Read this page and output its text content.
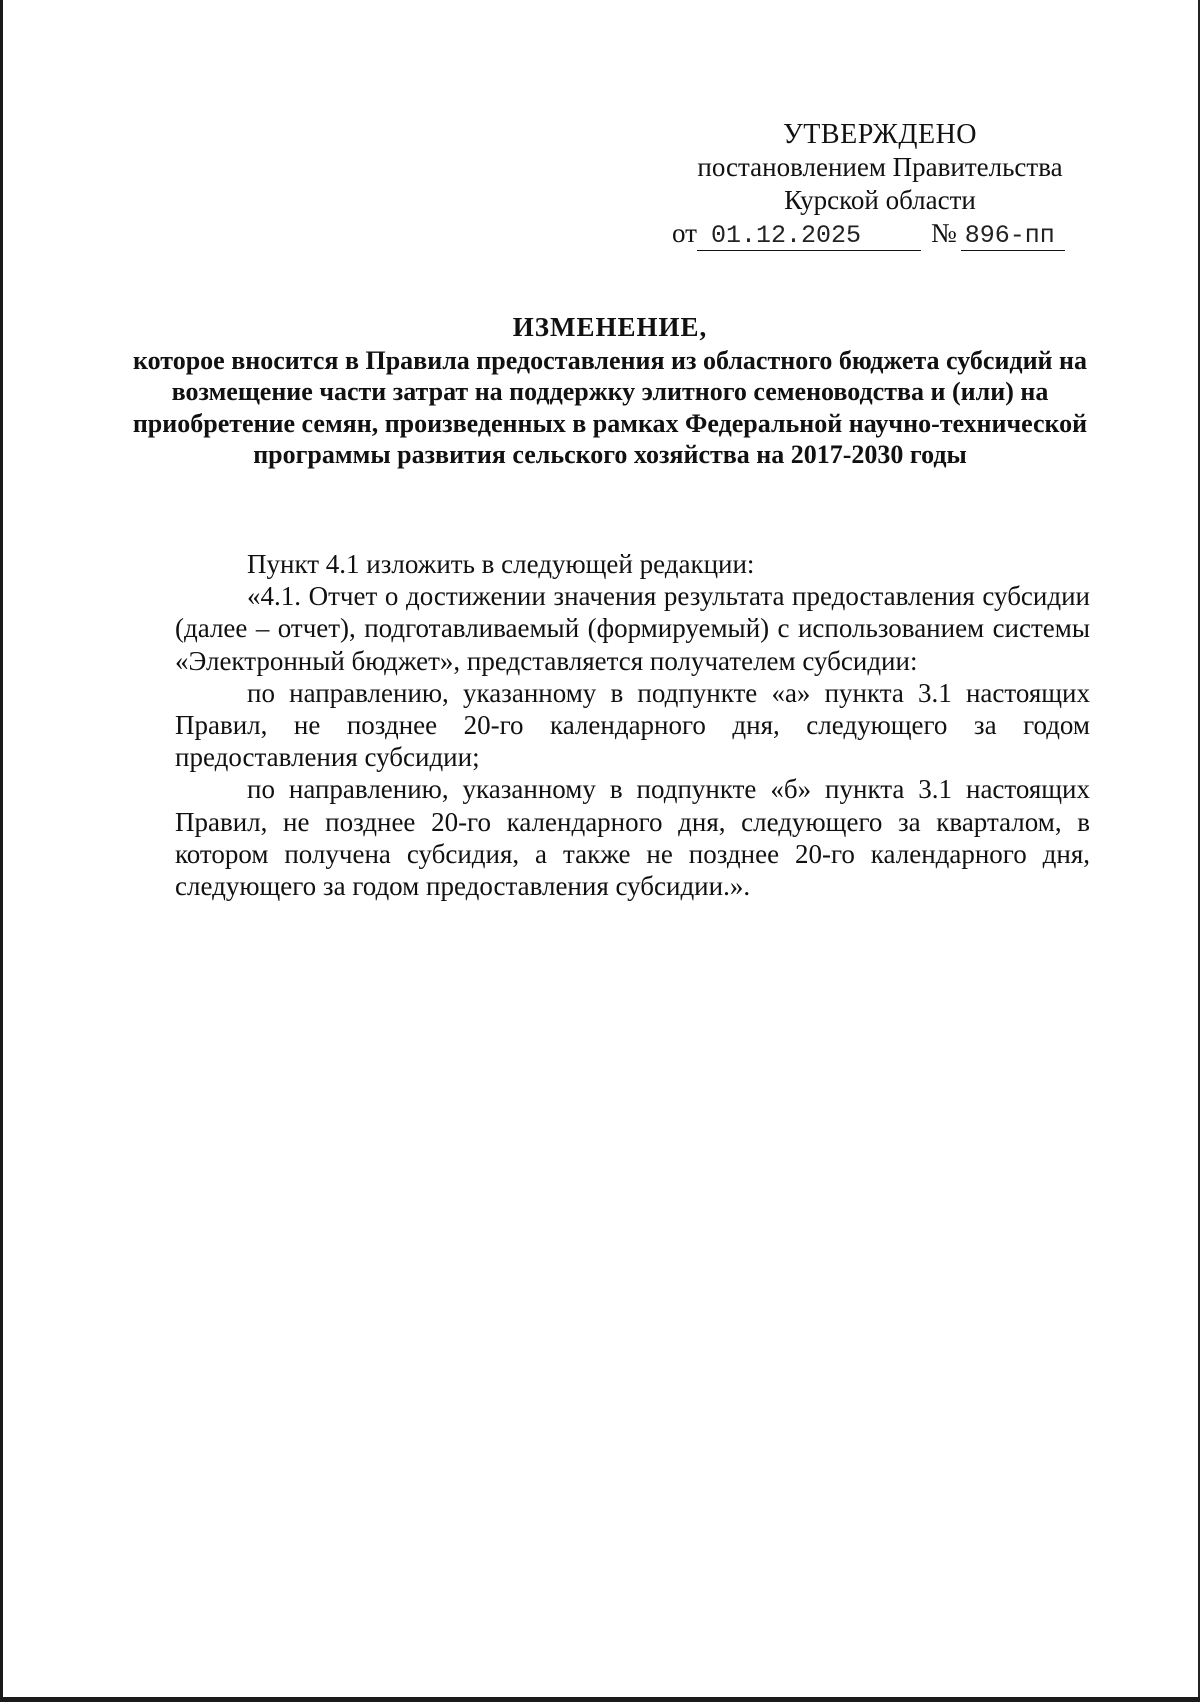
УТВЕРЖДЕНО
постановлением Правительства
Курской области
от 01.12.2025	№ 896-пп
ИЗМЕНЕНИЕ,
которое вносится в Правила предоставления из областного бюджета субсидий на возмещение части затрат на поддержку элитного семеноводства и (или) на приобретение семян, произведенных в рамках Федеральной научно-технической программы развития сельского хозяйства на 2017-2030 годы

Пункт 4.1 изложить в следующей редакции:

«4.1. Отчет о достижении значения результата предоставления субсидии (далее – отчет), подготавливаемый (формируемый) с использованием системы «Электронный бюджет», представляется получателем субсидии:

по направлению, указанному в подпункте «а» пункта 3.1 настоящих Правил, не позднее 20-го календарного дня, следующего за годом предоставления субсидии;

по направлению, указанному в подпункте «б» пункта 3.1 настоящих Правил, не позднее 20-го календарного дня, следующего за кварталом, в котором получена субсидия, а также не позднее 20-го календарного дня, следующего за годом предоставления субсидии.».
